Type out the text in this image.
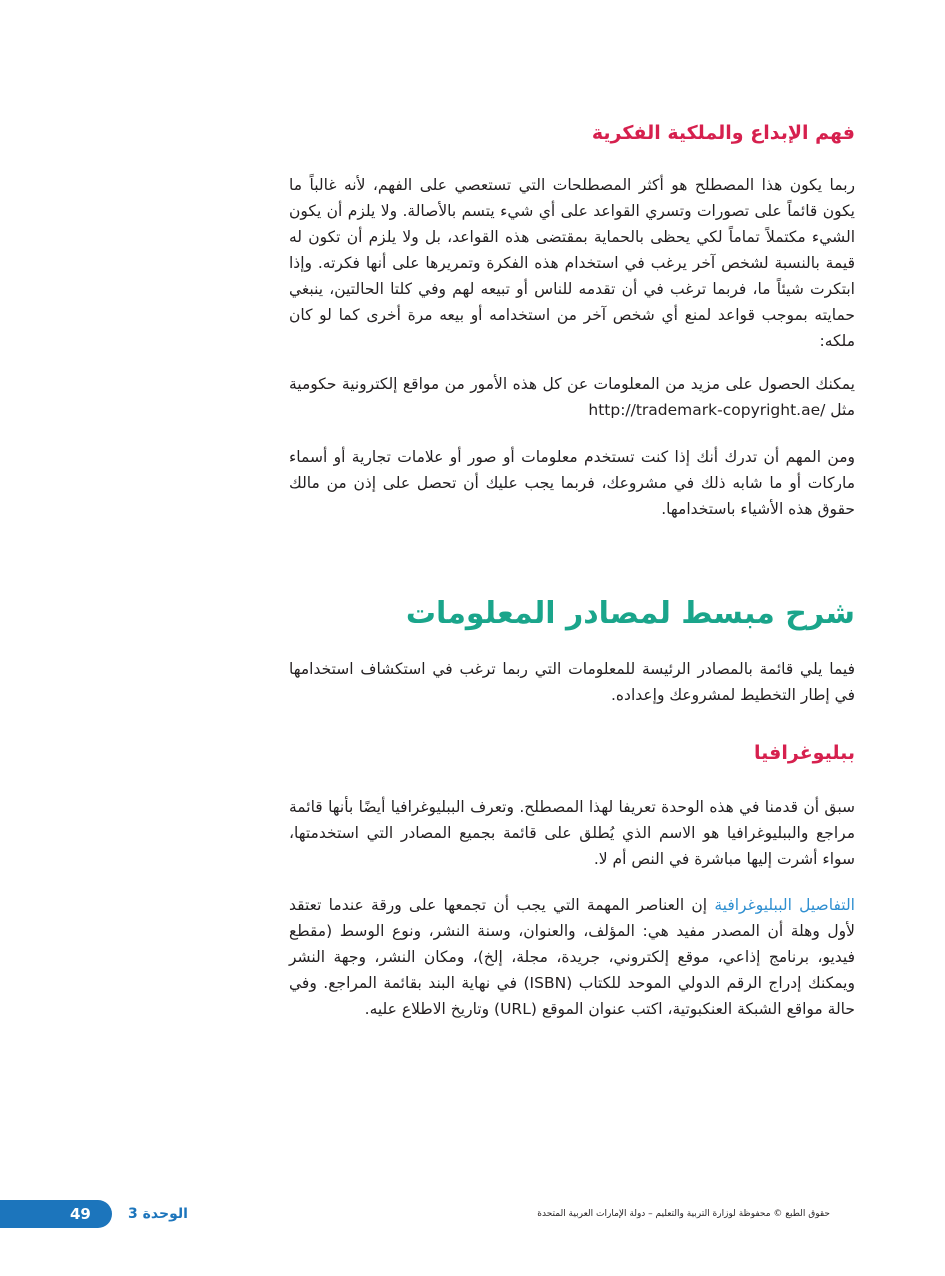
فهم الإبداع والملكية الفكرية

ربما يكون هذا المصطلح هو أكثر المصطلحات التي تستعصي على الفهم، لأنه غالباً ما يكون قائماً على تصورات وتسري القواعد على أي شيء يتسم بالأصالة. ولا يلزم أن يكون الشيء مكتملاً تماماً لكي يحظى بالحماية بمقتضى هذه القواعد، بل ولا يلزم أن تكون له قيمة بالنسبة لشخص آخر يرغب في استخدام هذه الفكرة وتمريرها على أنها فكرته. وإذا ابتكرت شيئاً ما، فربما ترغب في أن تقدمه للناس أو تبيعه لهم وفي كلتا الحالتين، ينبغي حمايته بموجب قواعد لمنع أي شخص آخر من استخدامه أو بيعه مرة أخرى كما لو كان ملكه:

يمكنك الحصول على مزيد من المعلومات عن كل هذه الأمور من مواقع إلكترونية حكومية مثل http://trademark-copyright.ae/

ومن المهم أن تدرك أنك إذا كنت تستخدم معلومات أو صور أو علامات تجارية أو أسماء ماركات أو ما شابه ذلك في مشروعك، فربما يجب عليك أن تحصل على إذن من مالك حقوق هذه الأشياء باستخدامها.

شرح مبسط لمصادر المعلومات

فيما يلي قائمة بالمصادر الرئيسة للمعلومات التي ربما ترغب في استكشاف استخدامها في إطار التخطيط لمشروعك وإعداده.

ببليوغرافيا

سبق أن قدمنا في هذه الوحدة تعريفا لهذا المصطلح. وتعرف الببليوغرافيا أيضًا بأنها قائمة مراجع والببليوغرافيا هو الاسم الذي يُطلق على قائمة بجميع المصادر التي استخدمتها، سواء أشرت إليها مباشرة في النص أم لا.

التفاصيل الببليوغرافية إن العناصر المهمة التي يجب أن تجمعها على ورقة عندما تعتقد لأول وهلة أن المصدر مفيد هي: المؤلف، والعنوان، وسنة النشر، ونوع الوسط (مقطع فيديو، برنامج إذاعي، موقع إلكتروني، جريدة، مجلة، إلخ)، ومكان النشر، وجهة النشر ويمكنك إدراج الرقم الدولي الموحد للكتاب (ISBN) في نهاية البند بقائمة المراجع. وفي حالة مواقع الشبكة العنكبوتية، اكتب عنوان الموقع (URL) وتاريخ الاطلاع عليه.

49	الوحدة 3	حقوق الطبع © محفوظة لوزارة التربية والتعليم – دولة الإمارات العربية المتحدة
